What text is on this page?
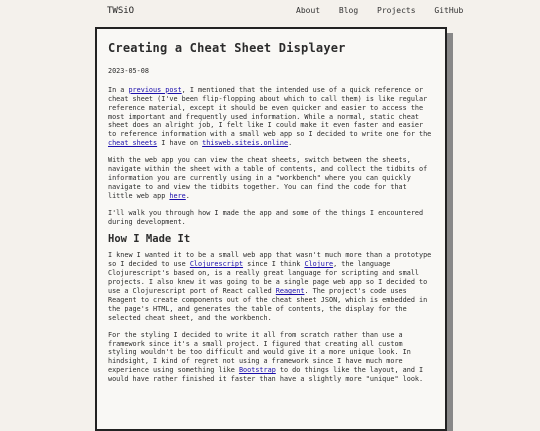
TWSiO	About Blog Projects GitHub
Creating a Cheat Sheet Displayer

2023-05-08

In a previous post, I mentioned that the intended use of a quick reference or cheat sheet (I've been flip-flopping about which to call them) is like regular reference material, except it should be even quicker and easier to access the most important and frequently used information. While a normal, static cheat sheet does an alright job, I felt like I could make it even faster and easier to reference information with a small web app so I decided to write one for the cheat sheets I have on thisweb.siteis.online.

With the web app you can view the cheat sheets, switch between the sheets, navigate within the sheet with a table of contents, and collect the tidbits of information you are currently using in a "workbench" where you can quickly navigate to and view the tidbits together. You can find the code for that little web app here.

I'll walk you through how I made the app and some of the things I encountered during development.

How I Made It

I knew I wanted it to be a small web app that wasn't much more than a prototype so I decided to use Clojurescript since I think Clojure, the language Clojurescript's based on, is a really great language for scripting and small projects. I also knew it was going to be a single page web app so I decided to use a Clojurescript port of React called Reagent. The project's code uses Reagent to create components out of the cheat sheet JSON, which is embedded in the page's HTML, and generates the table of contents, the display for the selected cheat sheet, and the workbench.

For the styling I decided to write it all from scratch rather than use a framework since it's a small project. I figured that creating all custom styling wouldn't be too difficult and would give it a more unique look. In hindsight, I kind of regret not using a framework since I have much more experience using something like Bootstrap to do things like the layout, and I would have rather finished it faster than have a slightly more "unique" look.
